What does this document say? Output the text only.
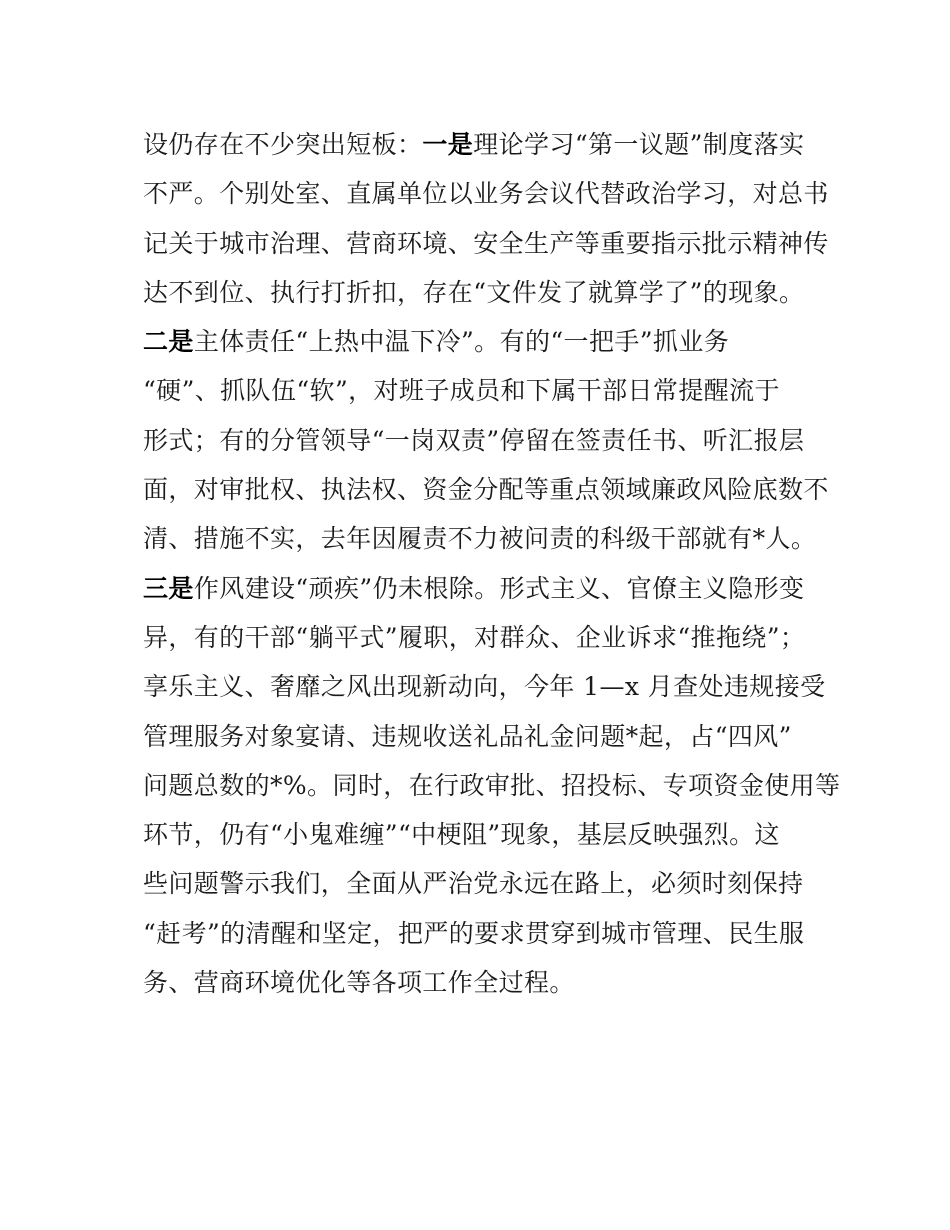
设仍存在不少突出短板：一是理论学习“第一议题”制度落实
不严。个别处室、直属单位以业务会议代替政治学习，对总书
记关于城市治理、营商环境、安全生产等重要指示批示精神传
达不到位、执行打折扣，存在“文件发了就算学了”的现象。
二是主体责任“上热中温下冷”。有的“一把手”抓业务
“硬”、抓队伍“软”，对班子成员和下属干部日常提醒流于
形式；有的分管领导“一岗双责”停留在签责任书、听汇报层
面，对审批权、执法权、资金分配等重点领域廉政风险底数不
清、措施不实，去年因履责不力被问责的科级干部就有*人。
三是作风建设“顽疾”仍未根除。形式主义、官僚主义隐形变
异，有的干部“躺平式”履职，对群众、企业诉求“推拖绕”；
享乐主义、奢靡之风出现新动向，今年 1—x 月查处违规接受
管理服务对象宴请、违规收送礼品礼金问题*起，占“四风”
问题总数的*%。同时，在行政审批、招投标、专项资金使用等
环节，仍有“小鬼难缠”“中梗阻”现象，基层反映强烈。这
些问题警示我们，全面从严治党永远在路上，必须时刻保持
“赶考”的清醒和坚定，把严的要求贯穿到城市管理、民生服
务、营商环境优化等各项工作全过程。
